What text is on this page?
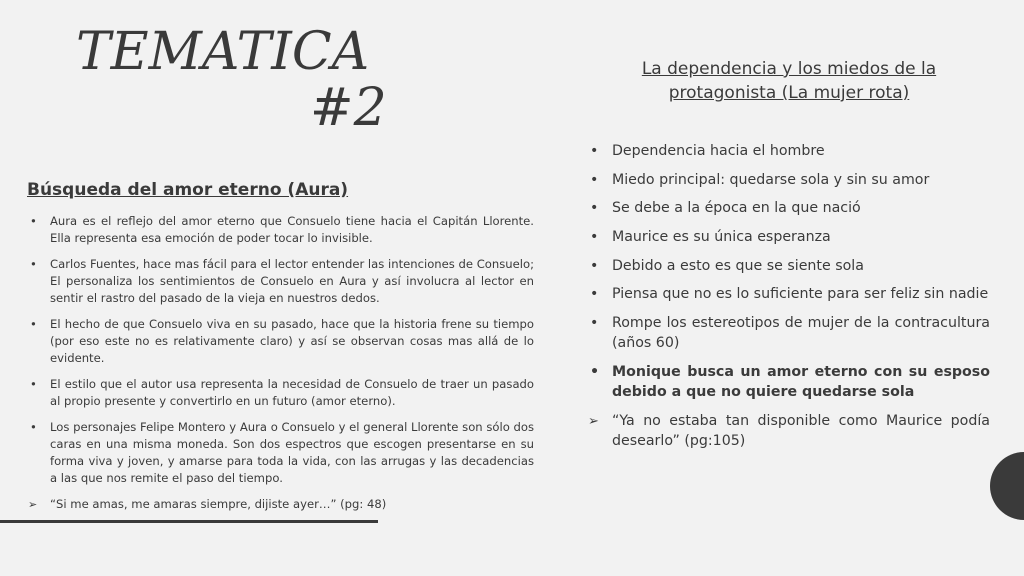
TEMATICA
#2
Búsqueda del amor eterno (Aura)
• Aura es el reflejo del amor eterno que Consuelo tiene hacia el Capitán Llorente. Ella representa esa emoción de poder tocar lo invisible.
• Carlos Fuentes, hace mas fácil para el lector entender las intenciones de Consuelo; El personaliza los sentimientos de Consuelo en Aura y así involucra al lector en sentir el rastro del pasado de la vieja en nuestros dedos.
• El hecho de que Consuelo viva en su pasado, hace que la historia frene su tiempo (por eso este no es relativamente claro) y así se observan cosas mas allá de lo evidente.
• El estilo que el autor usa representa la necesidad de Consuelo de traer un pasado al propio presente y convertirlo en un futuro (amor eterno).
• Los personajes Felipe Montero y Aura o Consuelo y el general Llorente son sólo dos caras en una misma moneda. Son dos espectros que escogen presentarse en su forma viva y joven, y amarse para toda la vida, con las arrugas y las decadencias a las que nos remite el paso del tiempo.
➢ “Si me amas, me amaras siempre, dijiste ayer…” (pg: 48)
La dependencia y los miedos de la protagonista (La mujer rota)
• Dependencia hacia el hombre
• Miedo principal: quedarse sola y sin su amor
• Se debe a la época en la que nació
• Maurice es su única esperanza
• Debido a esto es que se siente sola
• Piensa que no es lo suficiente para ser feliz sin nadie
• Rompe los estereotipos de mujer de la contracultura (años 60)
• Monique busca un amor eterno con su esposo debido a que no quiere quedarse sola
➢ “Ya no estaba tan disponible como Maurice podía desearlo” (pg:105)
